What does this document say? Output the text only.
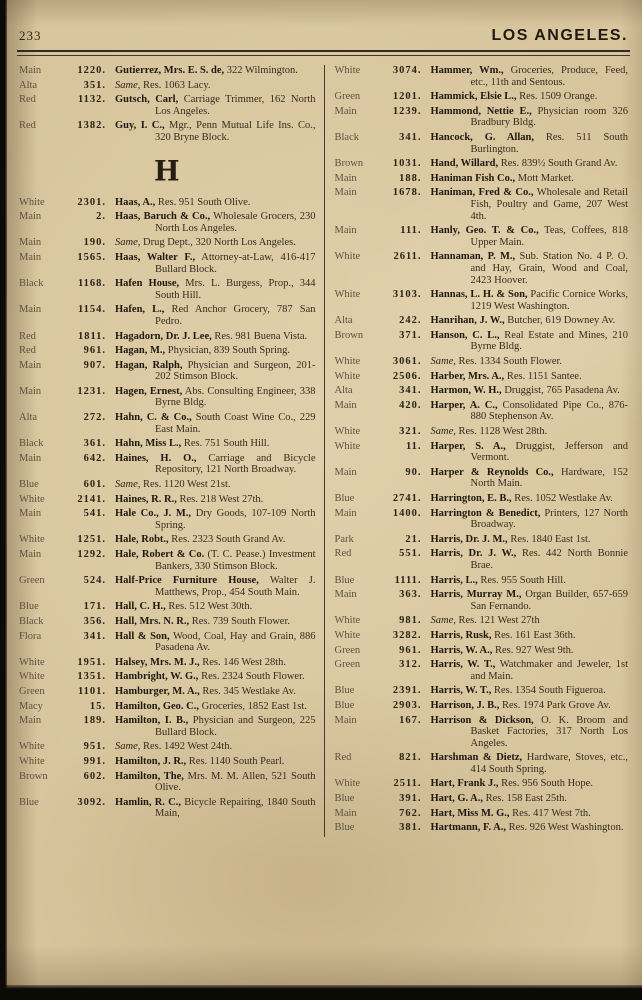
233	LOS ANGELES.
Main	1220. Gutierrez, Mrs. E. S. de, 322 Wilmington.
Alta	351. Same, Res. 1063 Lacy.
Red	1132. Gutsch, Carl, Carriage Trimmer, 162 North Los Angeles.
Red	1382. Guy, I. C., Mgr., Penn Mutual Life Ins. Co., 320 Bryne Block.
H
White	2301. Haas, A., Res. 951 South Olive.
Main	2. Haas, Baruch & Co., Wholesale Grocers, 230 North Los Angeles.
Main	190. Same, Drug Dept., 320 North Los Angeles.
Main	1565. Haas, Walter F., Attorney-at-Law, 416-417 Bullard Block.
Black	1168. Hafen House, Mrs. L. Burgess, Prop., 344 South Hill.
Main	1154. Hafen, L., Red Anchor Grocery, 787 San Pedro.
Red	1811. Hagadorn, Dr. J. Lee, Res. 981 Buena Vista.
Red	961. Hagan, M., Physician, 839 South Spring.
Main	907. Hagan, Ralph, Physician and Surgeon, 201-202 Stimson Block.
Main	1231. Hagen, Ernest, Abs. Consulting Engineer, 338 Byrne Bldg.
Alta	272. Hahn, C. & Co., South Coast Wine Co., 229 East Main.
Black	361. Hahn, Miss L., Res. 751 South Hill.
Main	642. Haines, H. O., Carriage and Bicycle Repository, 121 North Broadway.
Blue	601. Same, Res. 1120 West 21st.
White	2141. Haines, R. R., Res. 218 West 27th.
Main	541. Hale Co., J. M., Dry Goods, 107-109 North Spring.
White	1251. Hale, Robt., Res. 2323 South Grand Av.
Main	1292. Hale, Robert & Co. (T. C. Pease.) Investment Bankers, 330 Stimson Block.
Green	524. Half-Price Furniture House, Walter J. Matthews, Prop., 454 South Main.
Blue	171. Hall, C. H., Res. 512 West 30th.
Black	356. Hall, Mrs. N. R., Res. 739 South Flower.
Flora	341. Hall & Son, Wood, Coal, Hay and Grain, 886 Pasadena Av.
White	1951. Halsey, Mrs. M. J., Res. 146 West 28th.
White	1351. Hambright, W. G., Res. 2324 South Flower.
Green	1101. Hamburger, M. A., Res. 345 Westlake Av.
Macy	15. Hamilton, Geo. C., Groceries, 1852 East 1st.
Main	189. Hamilton, I. B., Physician and Surgeon, 225 Bullard Block.
White	951. Same, Res. 1492 West 24th.
White	991. Hamilton, J. R., Res. 1140 South Pearl.
Brown	602. Hamilton, The, Mrs. M. M. Allen, 521 South Olive.
Blue	3092. Hamlin, R. C., Bicycle Repairing, 1840 South Main,
White	3074. Hammer, Wm., Groceries, Produce, Feed, etc., 11th and Sentous.
Green	1201. Hammick, Elsie L., Res. 1509 Orange.
Main	1239. Hammond, Nettie E., Physician room 326 Bradbury Bldg.
Black	341. Hancock, G. Allan, Res. 511 South Burlington.
Brown	1031. Hand, Willard, Res. 839½ South Grand Av.
Main	188. Haniman Fish Co., Mott Market.
Main	1678. Haniman, Fred & Co., Wholesale and Retail Fish, Poultry and Game, 207 West 4th.
Main	111. Hanly, Geo. T. & Co., Teas, Coffees, 818 Upper Main.
White	2611. Hannaman, P. M., Sub. Station No. 4 P. O. and Hay, Grain, Wood and Coal, 2423 Hoover.
White	3103. Hannas, L. H. & Son, Pacific Cornice Works, 1219 West Washington.
Alta	242. Hanrihan, J. W., Butcher, 619 Downey Av.
Brown	371. Hanson, C. L., Real Estate and Mines, 210 Byrne Bldg.
White	3061. Same, Res. 1334 South Flower.
White	2506. Harber, Mrs. A., Res. 1151 Santee.
Alta	341. Harmon, W. H., Druggist, 765 Pasadena Av.
Main	420. Harper, A. C., Consolidated Pipe Co., 876-880 Stephenson Av.
White	321. Same, Res. 1128 West 28th.
White	11. Harper, S. A., Druggist, Jefferson and Vermont.
Main	90. Harper & Reynolds Co., Hardware, 152 North Main.
Blue	2741. Harrington, E. B., Res. 1052 Westlake Av.
Main	1400. Harrington & Benedict, Printers, 127 North Broadway.
Park	21. Harris, Dr. J. M., Res. 1840 East 1st.
Red	551. Harris, Dr. J. W., Res. 442 North Bonnie Brae.
Blue	1111. Harris, L., Res. 955 South Hill.
Main	363. Harris, Murray M., Organ Builder, 657-659 San Fernando.
White	981. Same, Res. 121 West 27th
White	3282. Harris, Rusk, Res. 161 East 36th.
Green	961. Harris, W. A., Res. 927 West 9th.
Green	312. Harris, W. T., Watchmaker and Jeweler, 1st and Main.
Blue	2391. Harris, W. T., Res. 1354 South Figueroa.
Blue	2903. Harrison, J. B., Res. 1974 Park Grove Av.
Main	167. Harrison & Dickson, O. K. Broom and Basket Factories, 317 North Los Angeles.
Red	821. Harshman & Dietz, Hardware, Stoves, etc., 414 South Spring.
White	2511. Hart, Frank J., Res. 956 South Hope.
Blue	391. Hart, G. A., Res. 158 East 25th.
Main	762. Hart, Miss M. G., Res. 417 West 7th.
Blue	381. Hartmann, F. A., Res. 926 West Washington.
